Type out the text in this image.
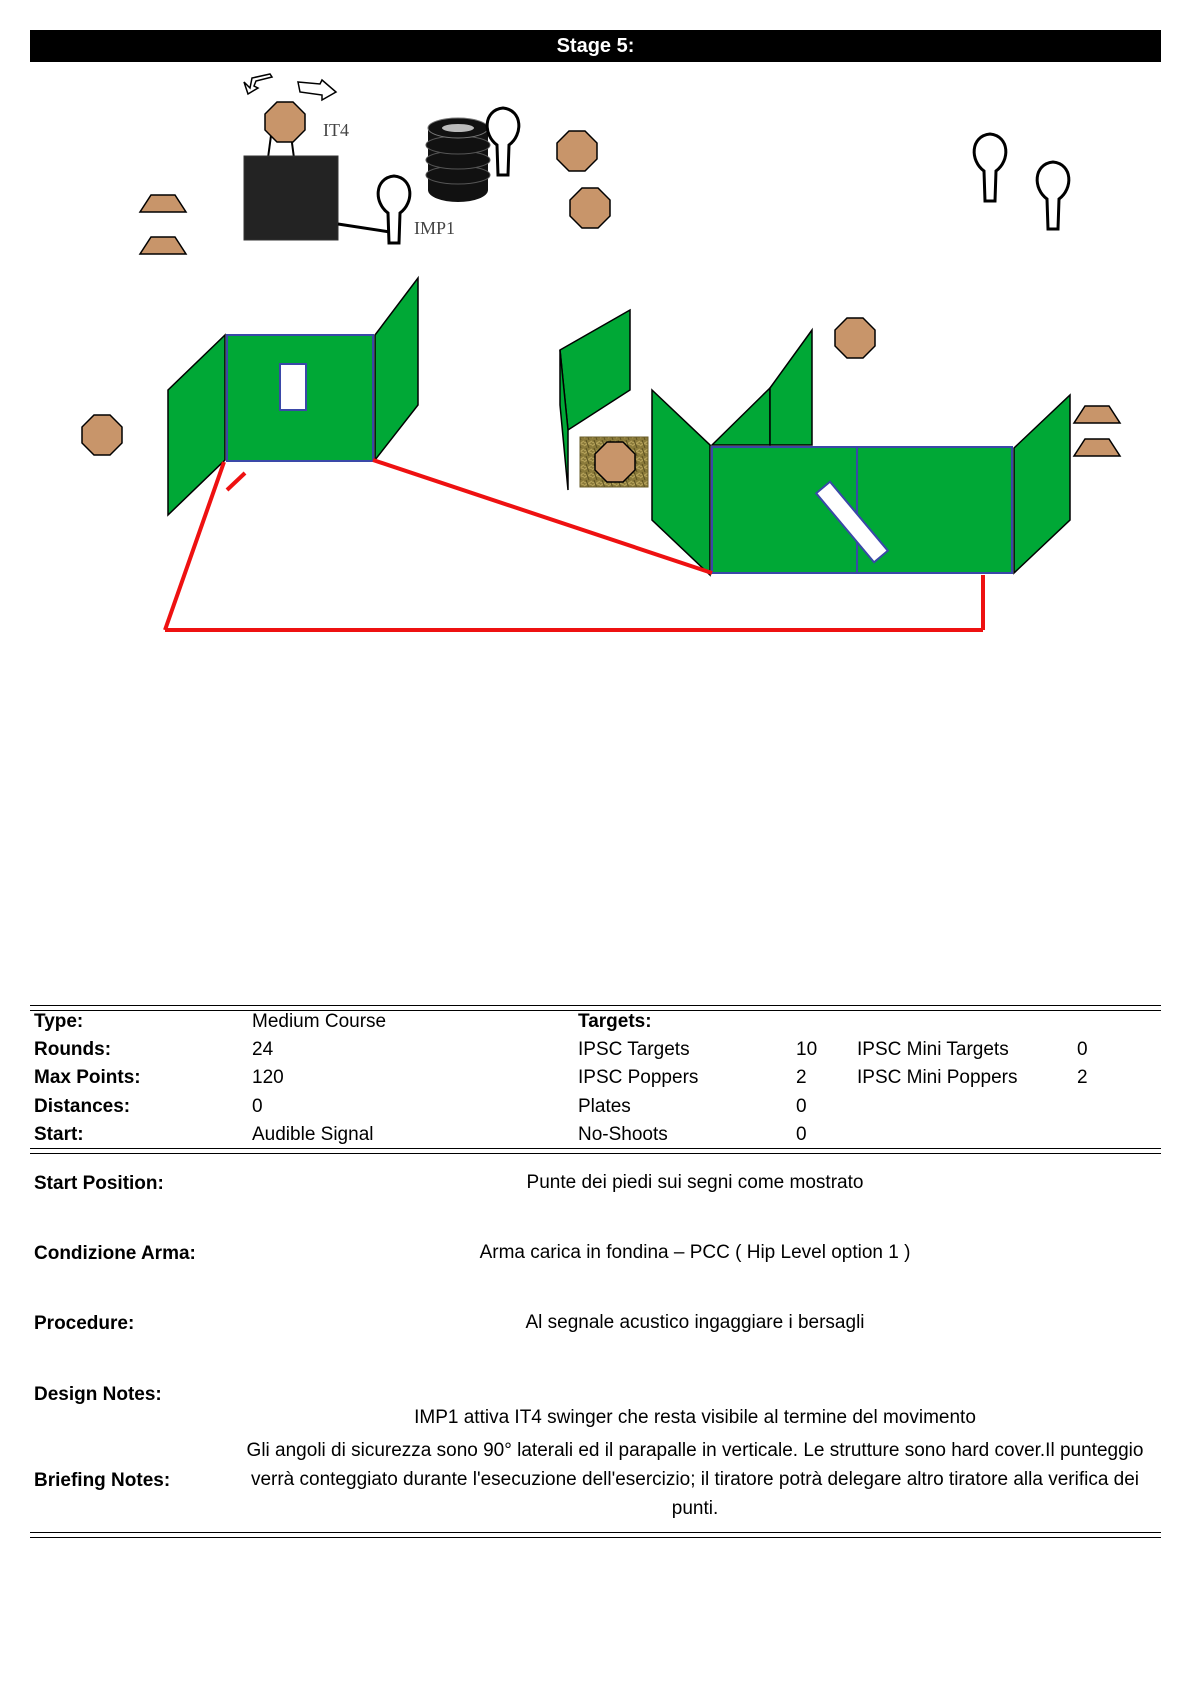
Stage 5:
IT4
IMP1
Type:	Medium Course	Targets:
Rounds:	24	IPSC Targets	10 IPSC Mini Targets	0
Max Points:	120	IPSC Poppers	2	IPSC Mini Poppers	2
Distances:	0	Plates	0
Start:	Audible Signal	No-Shoots	0
Start Position:	Punte dei piedi sui segni come mostrato
Condizione Arma:	Arma carica in fondina – PCC ( Hip Level option 1 )
Procedure:	Al segnale acustico ingaggiare i bersagli
Design Notes:
IMP1 attiva IT4 swinger che resta visibile al termine del movimento
Briefing Notes:
Gli angoli di sicurezza sono 90° laterali ed il parapalle in verticale. Le strutture sono hard cover.Il punteggio verrà conteggiato durante l'esecuzione dell'esercizio; il tiratore potrà delegare altro tiratore alla verifica dei punti.
